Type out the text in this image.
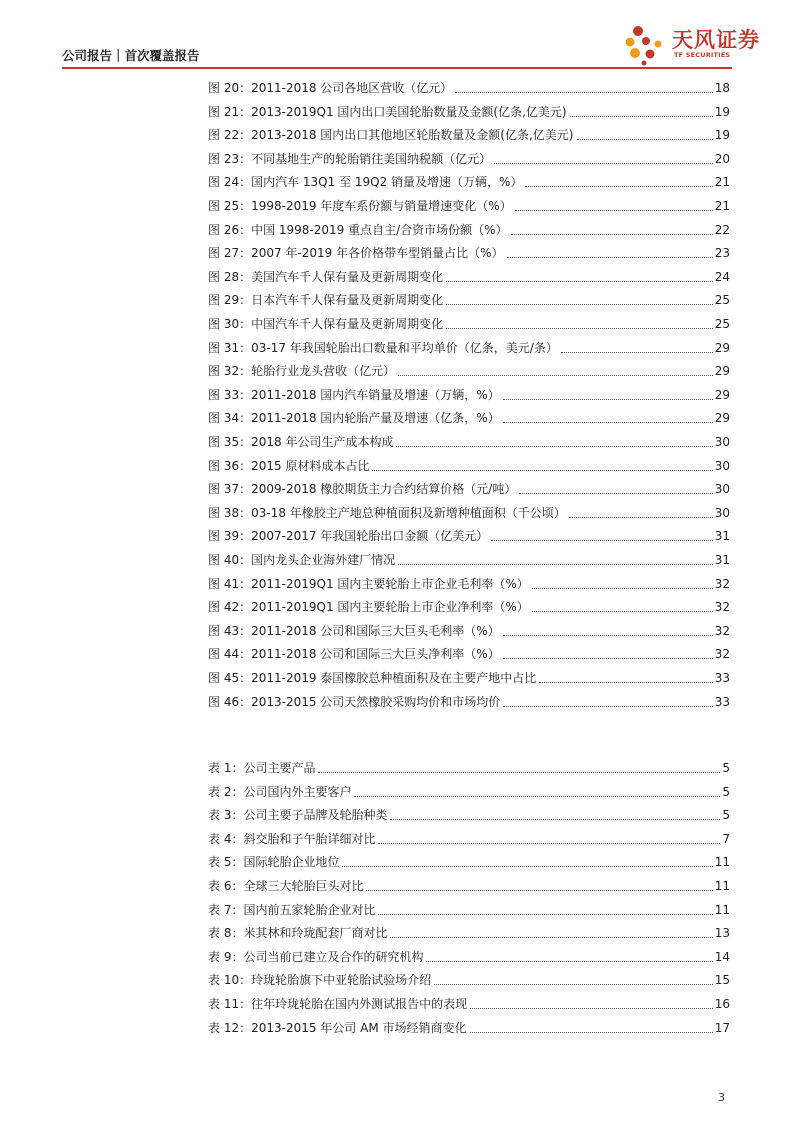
公司报告｜首次覆盖报告
天风证券
TF SECURITIES
图 20：2011-2018 公司各地区营收（亿元）	18
图 21：2013-2019Q1 国内出口美国轮胎数量及金额(亿条,亿美元)	19
图 22：2013-2018 国内出口其他地区轮胎数量及金额(亿条,亿美元)	19
图 23：不同基地生产的轮胎销往美国纳税额（亿元）	20
图 24：国内汽车 13Q1 至 19Q2 销量及增速（万辆，%）	21
图 25：1998-2019 年度车系份额与销量增速变化（%）	21
图 26：中国 1998-2019 重点自主/合资市场份额（%）	22
图 27：2007 年-2019 年各价格带车型销量占比（%）	23
图 28：美国汽车千人保有量及更新周期变化	24
图 29：日本汽车千人保有量及更新周期变化	25
图 30：中国汽车千人保有量及更新周期变化	25
图 31：03-17 年我国轮胎出口数量和平均单价（亿条，美元/条）	29
图 32：轮胎行业龙头营收（亿元）	29
图 33：2011-2018 国内汽车销量及增速（万辆，%）	29
图 34：2011-2018 国内轮胎产量及增速（亿条，%）	29
图 35：2018 年公司生产成本构成	30
图 36：2015 原材料成本占比	30
图 37：2009-2018 橡胶期货主力合约结算价格（元/吨）	30
图 38：03-18 年橡胶主产地总种植面积及新增种植面积（千公顷）	30
图 39：2007-2017 年我国轮胎出口金额（亿美元）	31
图 40：国内龙头企业海外建厂情况	31
图 41：2011-2019Q1 国内主要轮胎上市企业毛利率（%）	32
图 42：2011-2019Q1 国内主要轮胎上市企业净利率（%）	32
图 43：2011-2018 公司和国际三大巨头毛利率（%）	32
图 44：2011-2018 公司和国际三大巨头净利率（%）	32
图 45：2011-2019 泰国橡胶总种植面积及在主要产地中占比	33
图 46：2013-2015 公司天然橡胶采购均价和市场均价	33
表 1：公司主要产品	5
表 2：公司国内外主要客户	5
表 3：公司主要子品牌及轮胎种类	5
表 4：斜交胎和子午胎详细对比	7
表 5：国际轮胎企业地位	11
表 6：全球三大轮胎巨头对比	11
表 7：国内前五家轮胎企业对比	11
表 8：米其林和玲珑配套厂商对比	13
表 9：公司当前已建立及合作的研究机构	14
表 10：玲珑轮胎旗下中亚轮胎试验场介绍	15
表 11：往年玲珑轮胎在国内外测试报告中的表现	16
表 12：2013-2015 年公司 AM 市场经销商变化	17
3
